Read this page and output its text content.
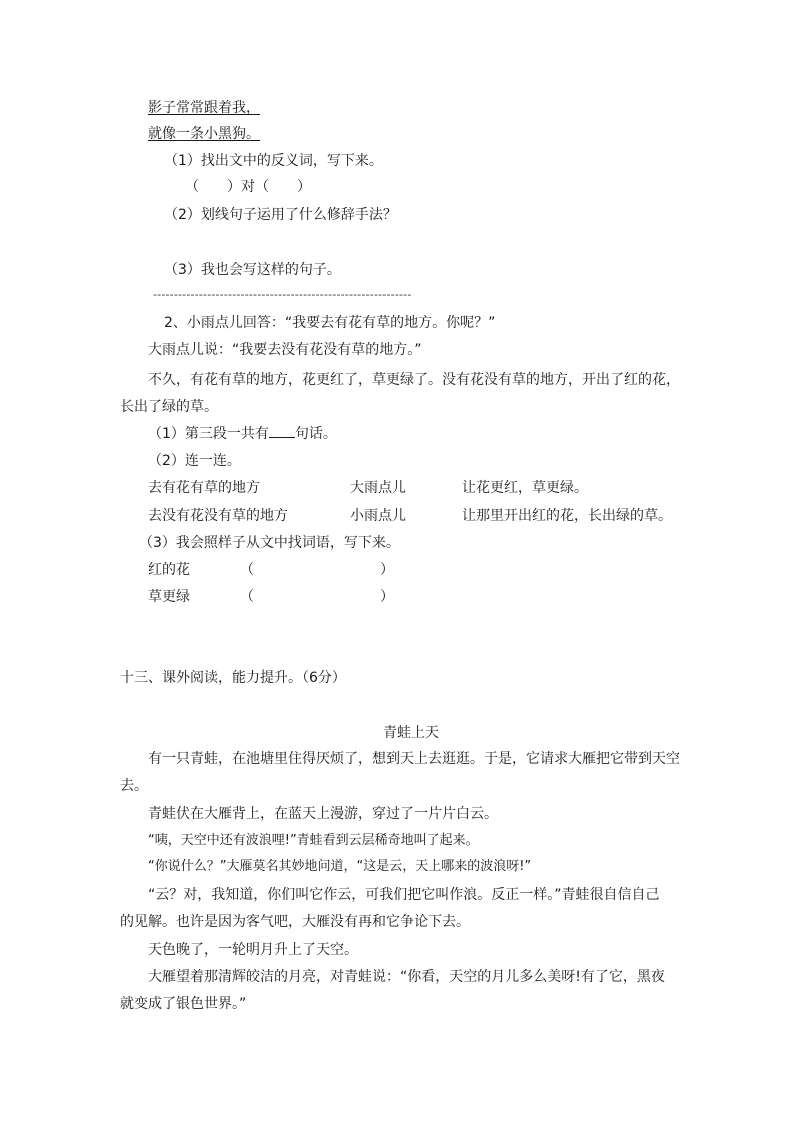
影子常常跟着我，
就像一条小黑狗。
（1）找出文中的反义词，写下来。
（　　）对（　　）
（2）划线句子运用了什么修辞手法？
（3）我也会写这样的句子。
--------------------------------------------------------------
2、小雨点儿回答：“我要去有花有草的地方。你呢？”
大雨点儿说：“我要去没有花没有草的地方。”
不久，有花有草的地方，花更红了，草更绿了。没有花没有草的地方，开出了红的花，
长出了绿的草。
（1）第三段一共有 句话。
（2）连一连。
去有花有草的地方	大雨点儿	让花更红，草更绿。
去没有花没有草的地方	小雨点儿	让那里开出红的花，长出绿的草。
（3）我会照样子从文中找词语，写下来。
红的花	（　　　　　　　　　）
草更绿	（　　　　　　　　　）
十三、课外阅读，能力提升。（6分）
青蛙上天
有一只青蛙，在池塘里住得厌烦了，想到天上去逛逛。于是，它请求大雁把它带到天空
去。
青蛙伏在大雁背上，在蓝天上漫游，穿过了一片片白云。
“咦，天空中还有波浪哩!”青蛙看到云层稀奇地叫了起来。
“你说什么？”大雁莫名其妙地问道，“这是云，天上哪来的波浪呀!”
“云？对，我知道，你们叫它作云，可我们把它叫作浪。反正一样。”青蛙很自信自己
的见解。也许是因为客气吧，大雁没有再和它争论下去。
天色晚了，一轮明月升上了天空。
大雁望着那清辉皎洁的月亮，对青蛙说：“你看，天空的月儿多么美呀!有了它，黑夜
就变成了银色世界。”
